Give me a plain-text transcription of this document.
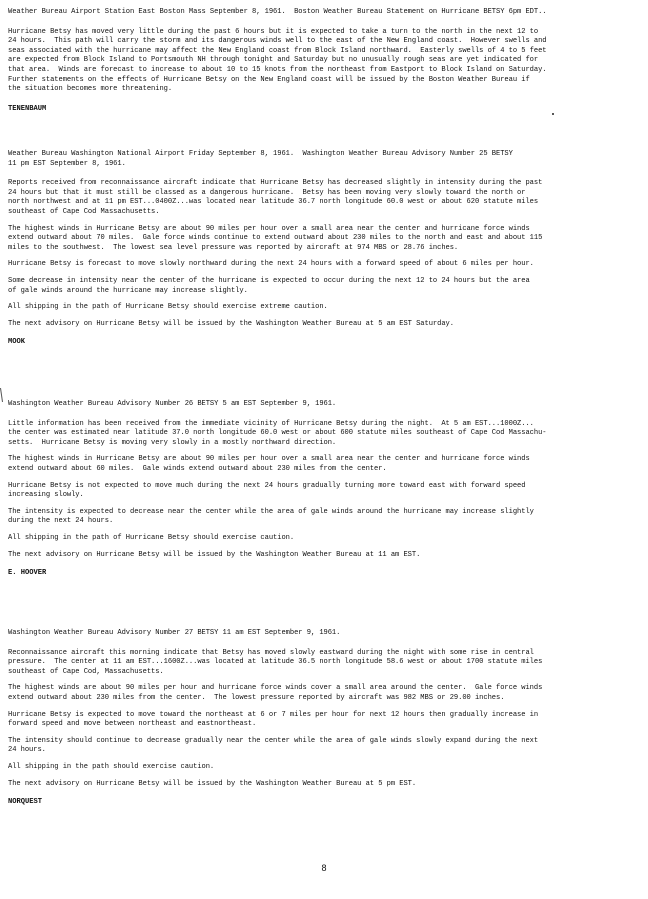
Weather Bureau Airport Station East Boston Mass September 8, 1961.  Boston Weather Bureau Statement on Hurricane BETSY 6pm EDT..
Hurricane Betsy has moved very little during the past 6 hours but it is expected to take a turn to the north in the next 12 to
24 hours.  This path will carry the storm and its dangerous winds well to the east of the New England coast.  However swells and
seas associated with the hurricane may affect the New England coast from Block Island northward.  Easterly swells of 4 to 5 feet
are expected from Block Island to Portsmouth NH through tonight and Saturday but no unusually rough seas are yet indicated for
that area.  Winds are forecast to increase to about 10 to 15 knots from the northeast from Eastport to Block Island on Saturday.
Further statements on the effects of Hurricane Betsy on the New England coast will be issued by the Boston Weather Bureau if
the situation becomes more threatening.
TENENBAUM
Weather Bureau Washington National Airport Friday September 8, 1961.  Washington Weather Bureau Advisory Number 25 BETSY
11 pm EST September 8, 1961.
Reports received from reconnaissance aircraft indicate that Hurricane Betsy has decreased slightly in intensity during the past
24 hours but that it must still be classed as a dangerous hurricane.  Betsy has been moving very slowly toward the north or
north northwest and at 11 pm EST...0400Z...was located near latitude 36.7 north longitude 60.0 west or about 620 statute miles
southeast of Cape Cod Massachusetts.
The highest winds in Hurricane Betsy are about 90 miles per hour over a small area near the center and hurricane force winds
extend outward about 70 miles.  Gale force winds continue to extend outward about 230 miles to the north and east and about 115
miles to the southwest.  The lowest sea level pressure was reported by aircraft at 974 MBS or 28.76 inches.
Hurricane Betsy is forecast to move slowly northward during the next 24 hours with a forward speed of about 6 miles per hour.
Some decrease in intensity near the center of the hurricane is expected to occur during the next 12 to 24 hours but the area
of gale winds around the hurricane may increase slightly.
All shipping in the path of Hurricane Betsy should exercise extreme caution.
The next advisory on Hurricane Betsy will be issued by the Washington Weather Bureau at 5 am EST Saturday.
MOOK
Washington Weather Bureau Advisory Number 26 BETSY 5 am EST September 9, 1961.
Little information has been received from the immediate vicinity of Hurricane Betsy during the night.  At 5 am EST...1000Z...
the center was estimated near latitude 37.0 north longitude 60.0 west or about 600 statute miles southeast of Cape Cod Massachu-
setts.  Hurricane Betsy is moving very slowly in a mostly northward direction.
The highest winds in Hurricane Betsy are about 90 miles per hour over a small area near the center and hurricane force winds
extend outward about 60 miles.  Gale winds extend outward about 230 miles from the center.
Hurricane Betsy is not expected to move much during the next 24 hours gradually turning more toward east with forward speed
increasing slowly.
The intensity is expected to decrease near the center while the area of gale winds around the hurricane may increase slightly
during the next 24 hours.
All shipping in the path of Hurricane Betsy should exercise caution.
The next advisory on Hurricane Betsy will be issued by the Washington Weather Bureau at 11 am EST.
E. HOOVER
Washington Weather Bureau Advisory Number 27 BETSY 11 am EST September 9, 1961.
Reconnaissance aircraft this morning indicate that Betsy has moved slowly eastward during the night with some rise in central
pressure.  The center at 11 am EST...1600Z...was located at latitude 36.5 north longitude 58.6 west or about 1700 statute miles
southeast of Cape Cod, Massachusetts.
The highest winds are about 90 miles per hour and hurricane force winds cover a small area around the center.  Gale force winds
extend outward about 230 miles from the center.  The lowest pressure reported by aircraft was 982 MBS or 29.00 inches.
Hurricane Betsy is expected to move toward the northeast at 6 or 7 miles per hour for next 12 hours then gradually increase in
forward speed and move between northeast and eastnortheast.
The intensity should continue to decrease gradually near the center while the area of gale winds slowly expand during the next
24 hours.
All shipping in the path should exercise caution.
The next advisory on Hurricane Betsy will be issued by the Washington Weather Bureau at 5 pm EST.
NORQUEST
8
